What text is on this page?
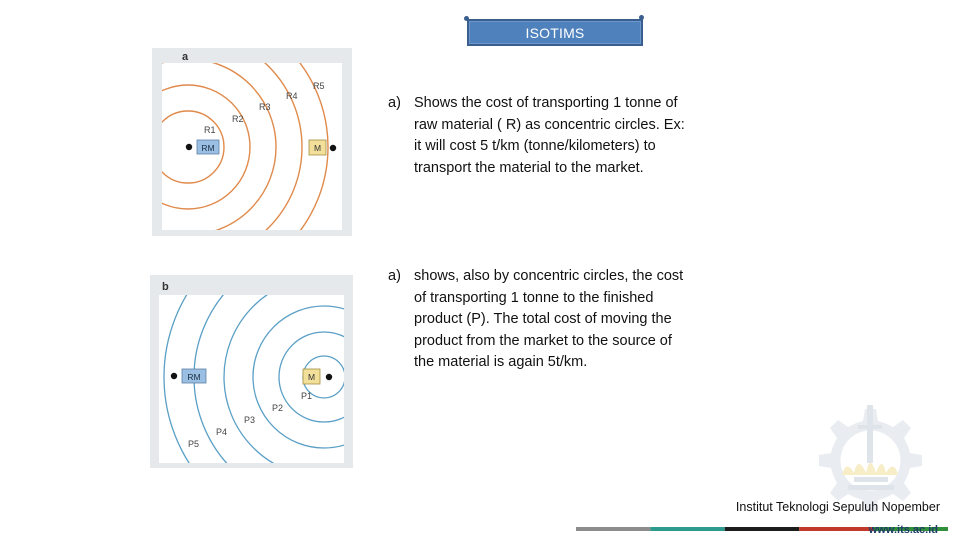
ISOTIMS
a
RM	M
R1
R2
R3
R4
R5
a) Shows the cost of transporting 1 tonne of raw material ( R) as concentric circles. Ex: it will cost 5 t/km (tonne/kilometers) to transport the material to the market.

b
RM	M
P1
P2
P3
P4
P5
a) shows, also by concentric circles, the cost of transporting 1 tonne to the finished product (P). The total cost of moving the product from the market to the source of the material is again 5t/km.

Institut Teknologi Sepuluh Nopember
www.its.ac.id
